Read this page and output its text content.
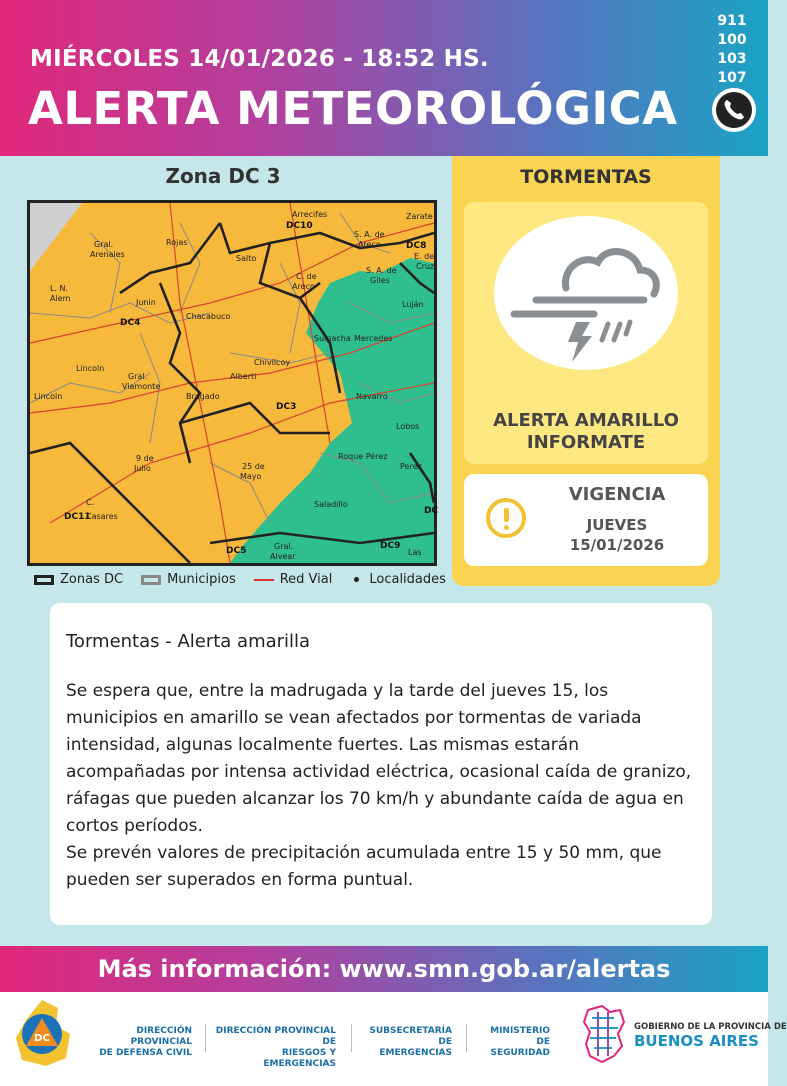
MIÉRCOLES 14/01/2026 - 18:52 HS.
ALERTA METEOROLÓGICA
911
100
103
107
Zona DC 3
DC10
DC8
DC4
DC3
DC11
DC5	DC9
DC
Arrecifes	Zarate
S. A. de
Areco
Gral.
Arenales
Rojas
Salto
C. de
Areco
E. de
Cruz
S. A. de
Giles
L. N.
Alem	Junin	Luján
Chacabuco
Suipacha Mercedes
Lincoln
Gral.
Viamonte
Chivilcoy
Alberti
Bragado	Navarro
Lincoln
Lobos
9 de
Julio	25 de
Mayo
Roque Pérez
Perez
C.
Casares
Saladillo
Gral.
Alvear	Las
Zonas DC	Municipios	Red Vial	Localidades
TORMENTAS
ALERTA AMARILLO
INFORMATE
VIGENCIA
JUEVES
15/01/2026
Tormentas - Alerta amarilla
Se espera que, entre la madrugada y la tarde del jueves 15, los municipios en amarillo se vean afectados por tormentas de variada intensidad, algunas localmente fuertes. Las mismas estarán acompañadas por intensa actividad eléctrica, ocasional caída de granizo, ráfagas que pueden alcanzar los 70 km/h y abundante caída de agua en cortos períodos.
Se prevén valores de precipitación acumulada entre 15 y 50 mm, que pueden ser superados en forma puntual.
Más información: www.smn.gob.ar/alertas
DC
DIRECCIÓN PROVINCIAL
DE DEFENSA CIVIL
DIRECCIÓN PROVINCIAL DE
RIESGOS Y EMERGENCIAS
SUBSECRETARÍA DE
EMERGENCIAS
MINISTERIO DE
SEGURIDAD
GOBIERNO DE LA PROVINCIA DE
BUENOS AIRES
